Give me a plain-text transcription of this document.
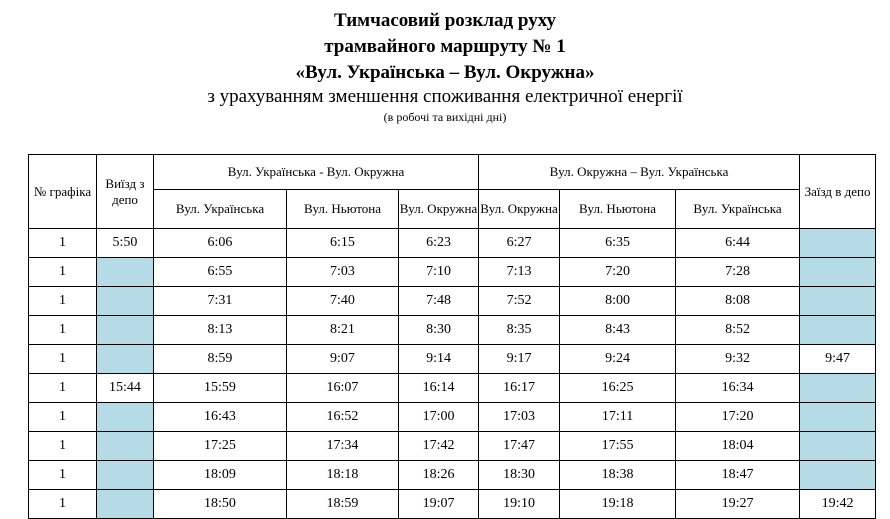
Тимчасовий розклад руху
трамвайного маршруту № 1
«Вул. Українська – Вул. Окружна»
з урахуванням зменшення споживання електричної енергії
(в робочі та вихідні дні)
№ графіка	Виїзд з депо	Вул. Українська - Вул. Окружна			Вул. Окружна – Вул. Українська			Заїзд в депо
		Вул. Українська	Вул. Ньютона	Вул. Окружна	Вул. Окружна	Вул. Ньютона	Вул. Українська	
1	5:50	6:06	6:15	6:23	6:27	6:35	6:44	
1		6:55	7:03	7:10	7:13	7:20	7:28	
1		7:31	7:40	7:48	7:52	8:00	8:08	
1		8:13	8:21	8:30	8:35	8:43	8:52	
1		8:59	9:07	9:14	9:17	9:24	9:32	9:47
1	15:44	15:59	16:07	16:14	16:17	16:25	16:34	
1		16:43	16:52	17:00	17:03	17:11	17:20	
1		17:25	17:34	17:42	17:47	17:55	18:04	
1		18:09	18:18	18:26	18:30	18:38	18:47	
1		18:50	18:59	19:07	19:10	19:18	19:27	19:42
